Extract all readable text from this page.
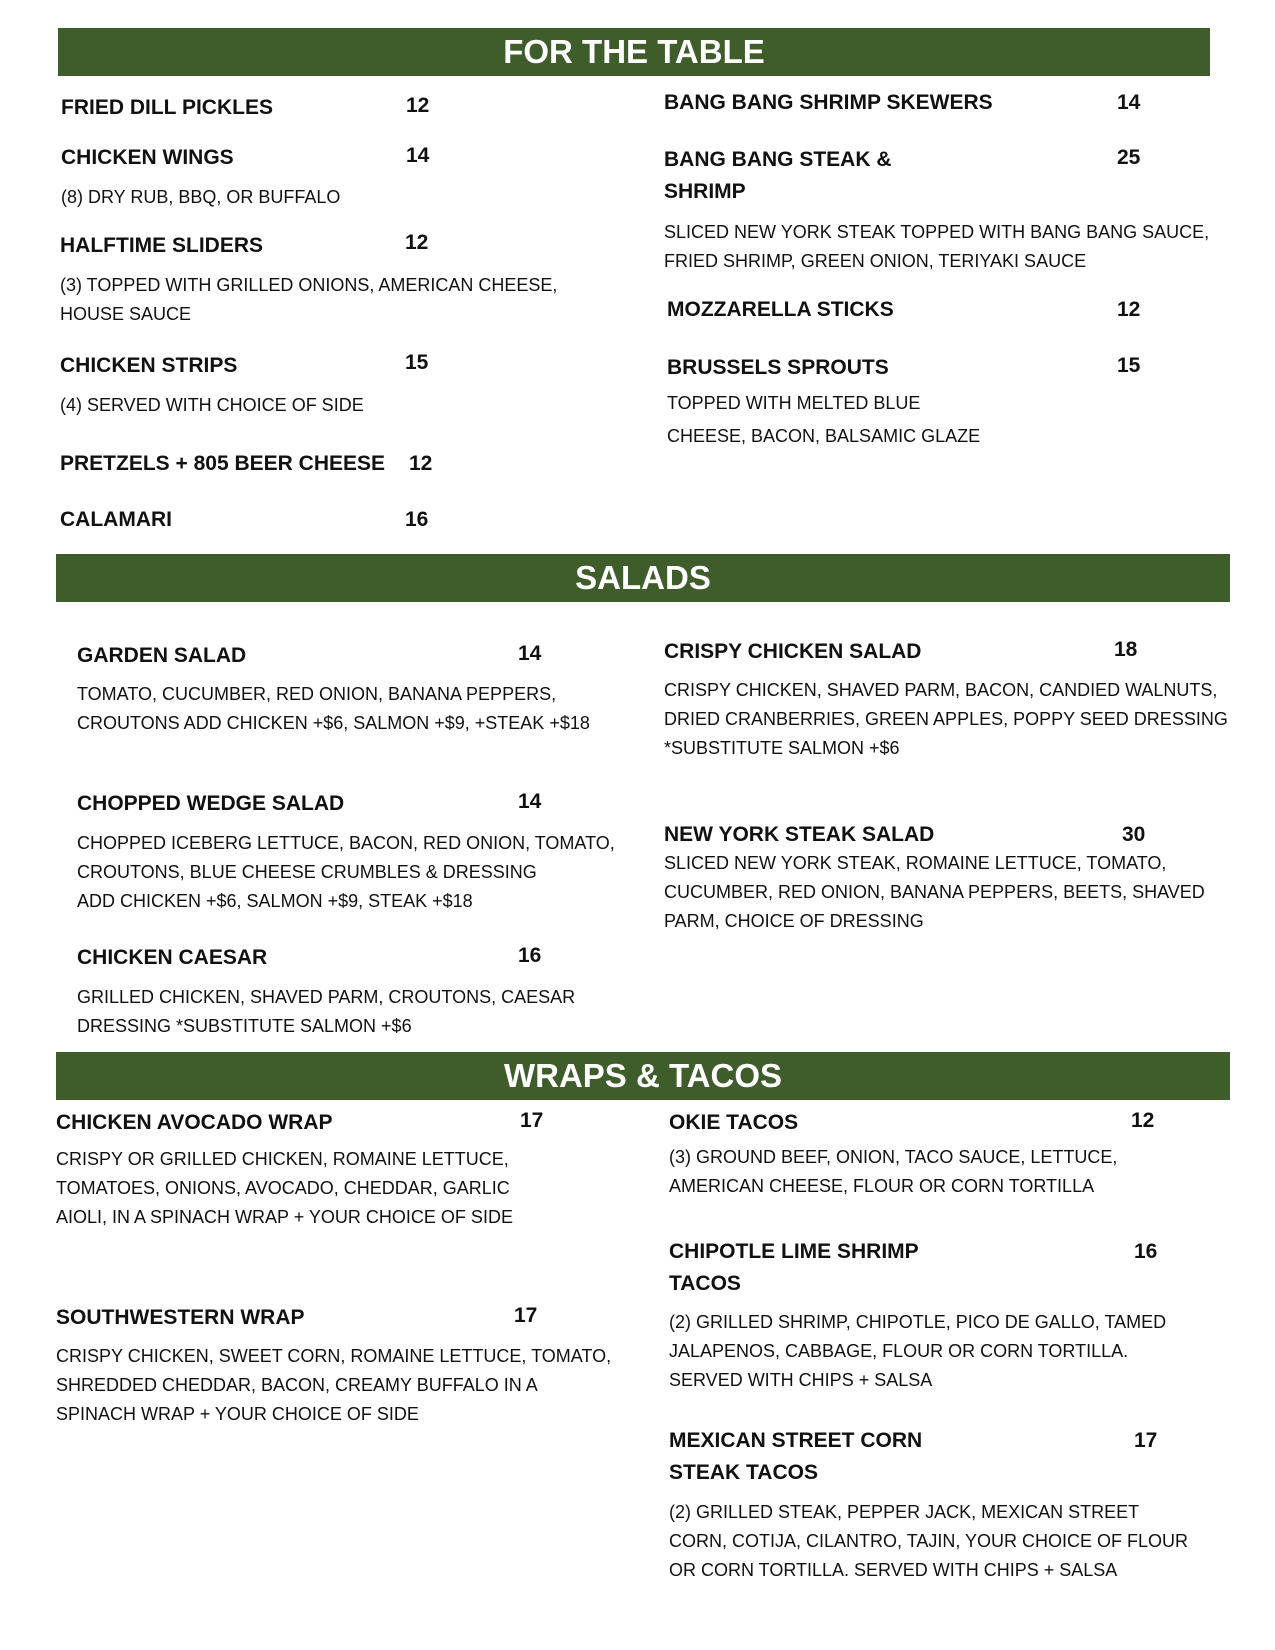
FOR THE TABLE
FRIED DILL PICKLES	12
CHICKEN WINGS	14
(8) DRY RUB, BBQ, OR BUFFALO
HALFTIME SLIDERS	12
(3) TOPPED WITH GRILLED ONIONS, AMERICAN CHEESE,
HOUSE SAUCE
CHICKEN STRIPS	15
(4) SERVED WITH CHOICE OF SIDE
PRETZELS + 805 BEER CHEESE 12
CALAMARI	16
BANG BANG SHRIMP SKEWERS	14
BANG BANG STEAK &
SHRIMP
25
SLICED NEW YORK STEAK TOPPED WITH BANG BANG SAUCE,
FRIED SHRIMP, GREEN ONION, TERIYAKI SAUCE
MOZZARELLA STICKS	12
BRUSSELS SPROUTS	15
TOPPED WITH MELTED BLUE
CHEESE, BACON, BALSAMIC GLAZE
SALADS
GARDEN SALAD	14
TOMATO, CUCUMBER, RED ONION, BANANA PEPPERS,
CROUTONS ADD CHICKEN +$6, SALMON +$9, +STEAK +$18
CHOPPED WEDGE SALAD	14
CHOPPED ICEBERG LETTUCE, BACON, RED ONION, TOMATO,
CROUTONS, BLUE CHEESE CRUMBLES & DRESSING
ADD CHICKEN +$6, SALMON +$9, STEAK +$18
CHICKEN CAESAR	16
GRILLED CHICKEN, SHAVED PARM, CROUTONS, CAESAR
DRESSING *SUBSTITUTE SALMON +$6
CRISPY CHICKEN SALAD	18
CRISPY CHICKEN, SHAVED PARM, BACON, CANDIED WALNUTS,
DRIED CRANBERRIES, GREEN APPLES, POPPY SEED DRESSING
*SUBSTITUTE SALMON +$6
NEW YORK STEAK SALAD	30
SLICED NEW YORK STEAK, ROMAINE LETTUCE, TOMATO,
CUCUMBER, RED ONION, BANANA PEPPERS, BEETS, SHAVED
PARM, CHOICE OF DRESSING
WRAPS & TACOS
CHICKEN AVOCADO WRAP	17
CRISPY OR GRILLED CHICKEN, ROMAINE LETTUCE,
TOMATOES, ONIONS, AVOCADO, CHEDDAR, GARLIC
AIOLI, IN A SPINACH WRAP + YOUR CHOICE OF SIDE
SOUTHWESTERN WRAP	17
CRISPY CHICKEN, SWEET CORN, ROMAINE LETTUCE, TOMATO,
SHREDDED CHEDDAR, BACON, CREAMY BUFFALO IN A
SPINACH WRAP + YOUR CHOICE OF SIDE
OKIE TACOS	12
(3) GROUND BEEF, ONION, TACO SAUCE, LETTUCE,
AMERICAN CHEESE, FLOUR OR CORN TORTILLA
CHIPOTLE LIME SHRIMP
TACOS
16
(2) GRILLED SHRIMP, CHIPOTLE, PICO DE GALLO, TAMED
JALAPENOS, CABBAGE, FLOUR OR CORN TORTILLA.
SERVED WITH CHIPS + SALSA
MEXICAN STREET CORN
STEAK TACOS
17
(2) GRILLED STEAK, PEPPER JACK, MEXICAN STREET
CORN, COTIJA, CILANTRO, TAJIN, YOUR CHOICE OF FLOUR
OR CORN TORTILLA. SERVED WITH CHIPS + SALSA
